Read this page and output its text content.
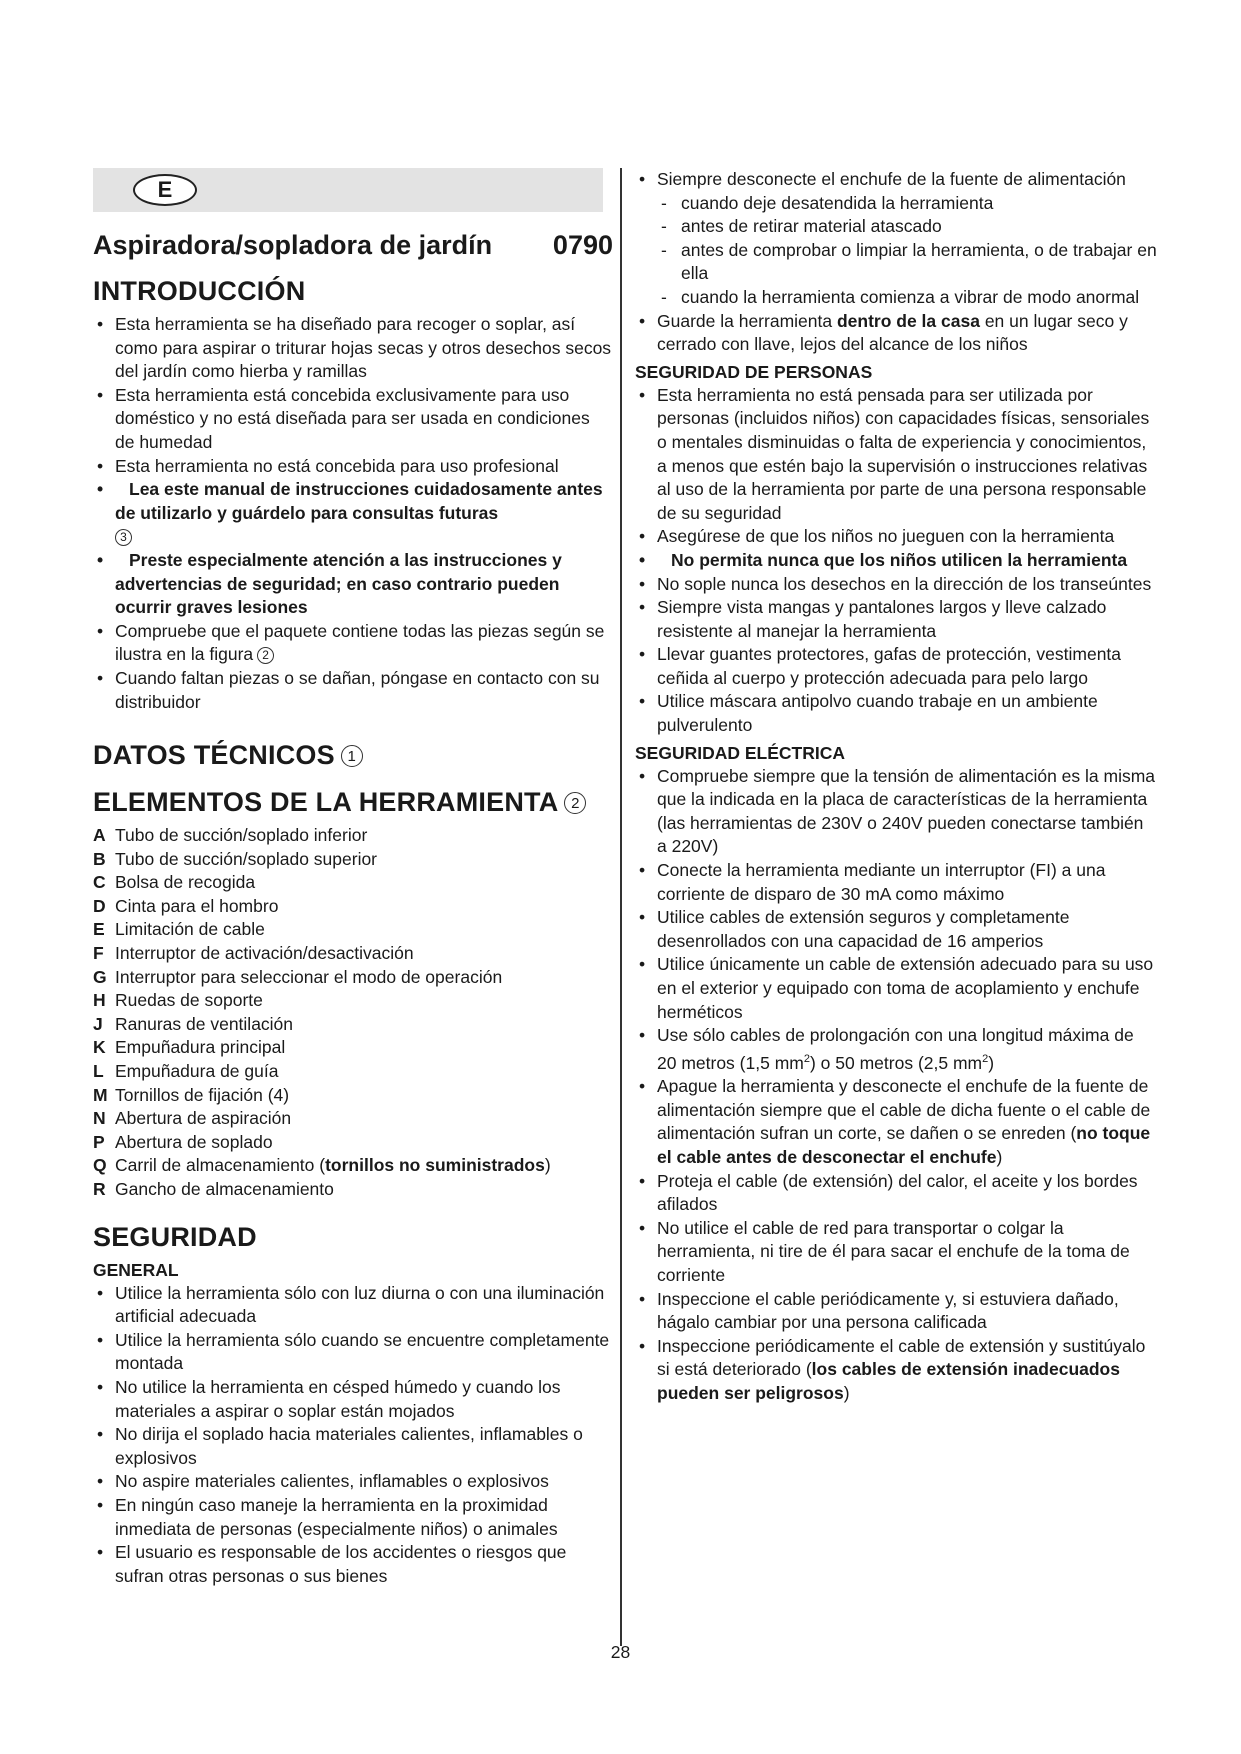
E
Aspiradora/sopladora de jardín 0790
INTRODUCCIÓN
• Esta herramienta se ha diseñado para recoger o soplar, así como para aspirar o triturar hojas secas y otros desechos secos del jardín como hierba y ramillas
• Esta herramienta está concebida exclusivamente para uso doméstico y no está diseñada para ser usada en condiciones de humedad
• Esta herramienta no está concebida para uso profesional
• Lea este manual de instrucciones cuidadosamente antes de utilizarlo y guárdelo para consultas futuras
3
• Preste especialmente atención a las instrucciones y advertencias de seguridad; en caso contrario pueden ocurrir graves lesiones
• Compruebe que el paquete contiene todas las piezas según se ilustra en la figura 2
• Cuando faltan piezas o se dañan, póngase en contacto con su distribuidor
DATOS TÉCNICOS 1
ELEMENTOS DE LA HERRAMIENTA 2
A Tubo de succión/soplado inferior
B Tubo de succión/soplado superior
C Bolsa de recogida
D Cinta para el hombro
E Limitación de cable
F Interruptor de activación/desactivación
G Interruptor para seleccionar el modo de operación
H Ruedas de soporte
J Ranuras de ventilación
K Empuñadura principal
L Empuñadura de guía
M Tornillos de fijación (4)
N Abertura de aspiración
P Abertura de soplado
Q Carril de almacenamiento (tornillos no suministrados)
R Gancho de almacenamiento
SEGURIDAD
GENERAL
• Utilice la herramienta sólo con luz diurna o con una iluminación artificial adecuada
• Utilice la herramienta sólo cuando se encuentre completamente montada
• No utilice la herramienta en césped húmedo y cuando los materiales a aspirar o soplar están mojados
• No dirija el soplado hacia materiales calientes, inflamables o explosivos
• No aspire materiales calientes, inflamables o explosivos
• En ningún caso maneje la herramienta en la proximidad inmediata de personas (especialmente niños) o animales
• El usuario es responsable de los accidentes o riesgos que sufran otras personas o sus bienes
• Siempre desconecte el enchufe de la fuente de alimentación
- cuando deje desatendida la herramienta
- antes de retirar material atascado
- antes de comprobar o limpiar la herramienta, o de trabajar en ella
- cuando la herramienta comienza a vibrar de modo anormal
• Guarde la herramienta dentro de la casa en un lugar seco y cerrado con llave, lejos del alcance de los niños
SEGURIDAD DE PERSONAS
• Esta herramienta no está pensada para ser utilizada por personas (incluidos niños) con capacidades físicas, sensoriales o mentales disminuidas o falta de experiencia y conocimientos, a menos que estén bajo la supervisión o instrucciones relativas al uso de la herramienta por parte de una persona responsable de su seguridad
• Asegúrese de que los niños no jueguen con la herramienta
• No permita nunca que los niños utilicen la herramienta
• No sople nunca los desechos en la dirección de los transeúntes
• Siempre vista mangas y pantalones largos y lleve calzado resistente al manejar la herramienta
• Llevar guantes protectores, gafas de protección, vestimenta ceñida al cuerpo y protección adecuada para pelo largo
• Utilice máscara antipolvo cuando trabaje en un ambiente pulverulento
SEGURIDAD ELÉCTRICA
• Compruebe siempre que la tensión de alimentación es la misma que la indicada en la placa de características de la herramienta (las herramientas de 230V o 240V pueden conectarse también a 220V)
• Conecte la herramienta mediante un interruptor (FI) a una corriente de disparo de 30 mA como máximo
• Utilice cables de extensión seguros y completamente desenrollados con una capacidad de 16 amperios
• Utilice únicamente un cable de extensión adecuado para su uso en el exterior y equipado con toma de acoplamiento y enchufe herméticos
• Use sólo cables de prolongación con una longitud máxima de 20 metros (1,5 $mm^2$) o 50 metros (2,5 $mm^2$)
• Apague la herramienta y desconecte el enchufe de la fuente de alimentación siempre que el cable de dicha fuente o el cable de alimentación sufran un corte, se dañen o se enreden (no toque el cable antes de desconectar el enchufe)
• Proteja el cable (de extensión) del calor, el aceite y los bordes afilados
• No utilice el cable de red para transportar o colgar la herramienta, ni tire de él para sacar el enchufe de la toma de corriente
• Inspeccione el cable periódicamente y, si estuviera dañado, hágalo cambiar por una persona calificada
• Inspeccione periódicamente el cable de extensión y sustitúyalo si está deteriorado (los cables de extensión inadecuados pueden ser peligrosos)
28
